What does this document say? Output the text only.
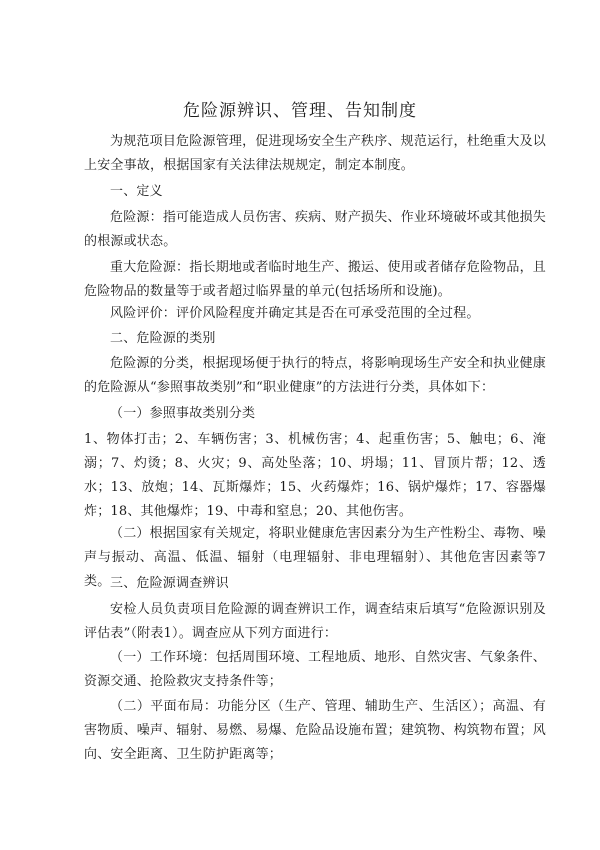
危险源辨识、管理、告知制度
为规范项目危险源管理，促进现场安全生产秩序、规范运行，杜绝重大及以上安全事故，根据国家有关法律法规规定，制定本制度。
一、定义
危险源：指可能造成人员伤害、疾病、财产损失、作业环境破坏或其他损失的根源或状态。
重大危险源：指长期地或者临时地生产、搬运、使用或者储存危险物品，且危险物品的数量等于或者超过临界量的单元(包括场所和设施)。
风险评价：评价风险程度并确定其是否在可承受范围的全过程。
二、危险源的类别
危险源的分类，根据现场便于执行的特点，将影响现场生产安全和执业健康的危险源从“参照事故类别”和“职业健康”的方法进行分类，具体如下：
（一）参照事故类别分类
1、物体打击；2、车辆伤害；3、机械伤害；4、起重伤害；5、触电；6、淹溺；7、灼烫；8、火灾；9、高处坠落；10、坍塌；11、冒顶片帮；12、透水；13、放炮；14、瓦斯爆炸；15、火药爆炸；16、锅炉爆炸；17、容器爆炸；18、其他爆炸；19、中毒和窒息；20、其他伤害。
（二）根据国家有关规定，将职业健康危害因素分为生产性粉尘、毒物、噪声与振动、高温、低温、辐射（电理辐射、非电理辐射）、其他危害因素等7类。 三、危险源调查辨识
安检人员负责项目危险源的调查辨识工作，调查结束后填写“危险源识别及评估表”（附表1）。调查应从下列方面进行：
（一）工作环境：包括周围环境、工程地质、地形、自然灾害、气象条件、资源交通、抢险救灾支持条件等；
（二）平面布局：功能分区（生产、管理、辅助生产、生活区）；高温、有害物质、噪声、辐射、易燃、易爆、危险品设施布置；建筑物、构筑物布置；风向、安全距离、卫生防护距离等；
